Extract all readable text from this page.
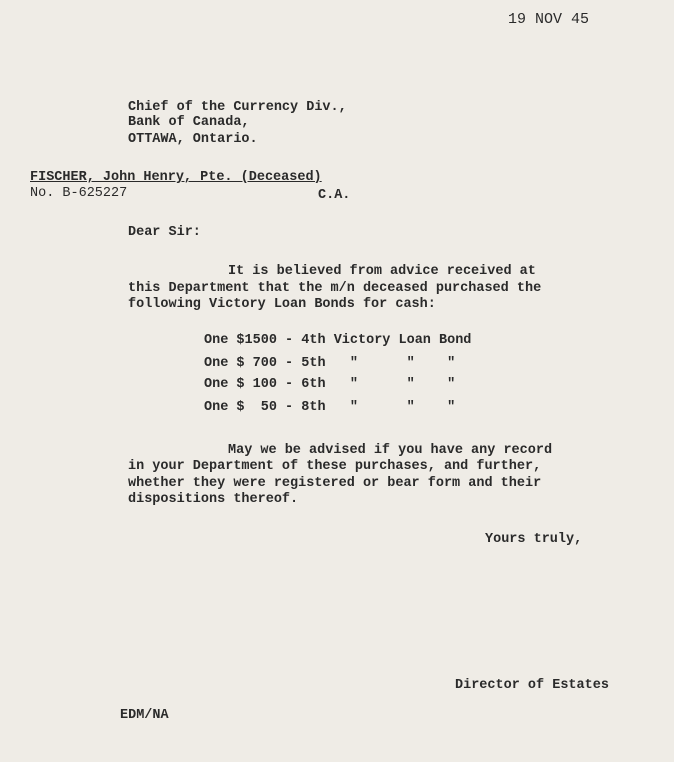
19 NOV 45
Chief of the Currency Div.,
Bank of Canada,
OTTAWA, Ontario.
FISCHER, John Henry, Pte. (Deceased)
No. B-625227	C.A.
Dear Sir:
It is believed from advice received at
this Department that the m/n deceased purchased the
following Victory Loan Bonds for cash:
One $1500 - 4th Victory Loan Bond
One $ 700 - 5th "      "    "
One $ 100 - 6th "      "    "
One $  50 - 8th "      "    "
May we be advised if you have any record
in your Department of these purchases, and further,
whether they were registered or bear form and their
dispositions thereof.
Yours truly,
Director of Estates
EDM/NA
